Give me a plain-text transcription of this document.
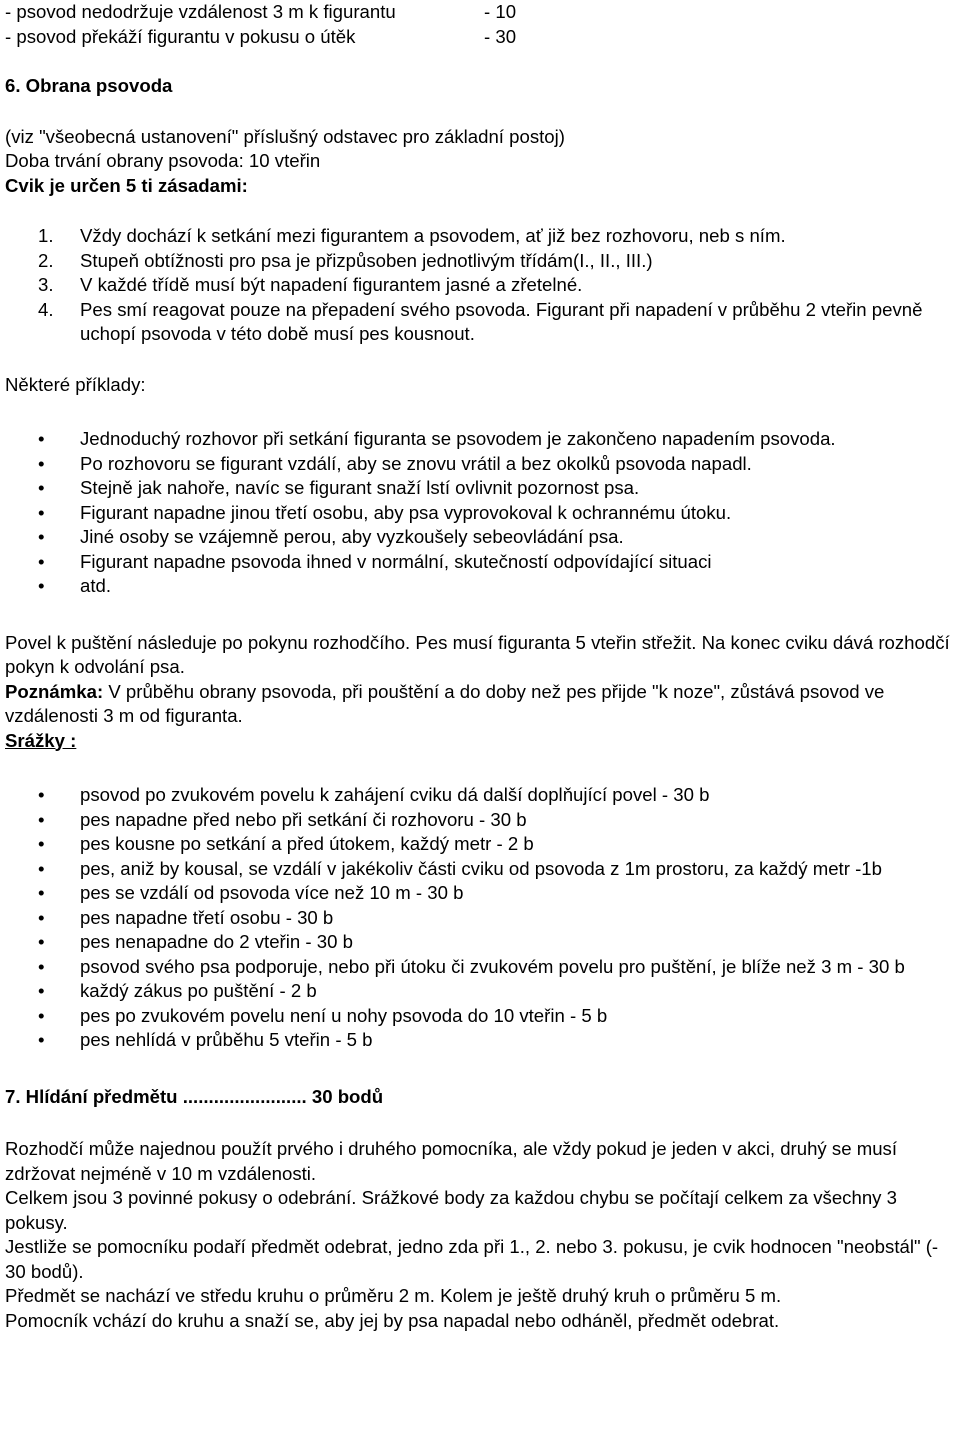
- psovod nedodržuje vzdálenost 3 m k figurantu	- 10
- psovod překáží figurantu v pokusu o útěk	- 30

6. Obrana psovoda

(viz "všeobecná ustanovení" příslušný odstavec pro základní postoj)

Doba trvání obrany psovoda: 10 vteřin

Cvik je určen 5 ti zásadami:

1.	Vždy dochází k setkání mezi figurantem a psovodem, ať již bez rozhovoru, neb s ním.
2.	Stupeň obtížnosti pro psa je přizpůsoben jednotlivým třídám(I., II., III.)
3.	V každé třídě musí být napadení figurantem jasné a zřetelné.
4.	Pes smí reagovat pouze na přepadení svého psovoda. Figurant při napadení v průběhu 2 vteřin pevně uchopí psovoda v této době musí pes kousnout.

Některé příklady:

•	Jednoduchý rozhovor při setkání figuranta se psovodem je zakončeno napadením psovoda.
•	Po rozhovoru se figurant vzdálí, aby se znovu vrátil a bez okolků psovoda napadl.
•	Stejně jak nahoře, navíc se figurant snaží lstí ovlivnit pozornost psa.
•	Figurant napadne jinou třetí osobu, aby psa vyprovokoval k ochrannému útoku.
•	Jiné osoby se vzájemně perou, aby vyzkoušely sebeovládání psa.
•	Figurant napadne psovoda ihned v normální, skutečností odpovídající situaci
•	atd.

Povel k puštění následuje po pokynu rozhodčího. Pes musí figuranta 5 vteřin střežit. Na konec cviku dává rozhodčí pokyn k odvolání psa.

Poznámka: V průběhu obrany psovoda, při pouštění a do doby než pes přijde "k noze", zůstává psovod ve vzdálenosti 3 m od figuranta.

Srážky :

•	psovod po zvukovém povelu k zahájení cviku dá další doplňující povel - 30 b
•	pes napadne před nebo při setkání či rozhovoru - 30 b
•	pes kousne po setkání a před útokem, každý metr - 2 b
•	pes, aniž by kousal, se vzdálí v jakékoliv části cviku od psovoda z 1m prostoru, za každý metr -1b
•	pes se vzdálí od psovoda více než 10 m - 30 b
•	pes napadne třetí osobu - 30 b
•	pes nenapadne do 2 vteřin - 30 b
•	psovod svého psa podporuje, nebo při útoku či zvukovém povelu pro puštění, je blíže než 3 m - 30 b
•	každý zákus po puštění - 2 b
•	pes po zvukovém povelu není u nohy psovoda do 10 vteřin - 5 b
•	pes nehlídá v průběhu 5 vteřin - 5 b

7. Hlídání předmětu ........................ 30 bodů

Rozhodčí může najednou použít prvého i druhého pomocníka, ale vždy pokud je jeden v akci, druhý se musí zdržovat nejméně v 10 m vzdálenosti.

Celkem jsou 3 povinné pokusy o odebrání. Srážkové body za každou chybu se počítají celkem za všechny 3 pokusy.

Jestliže se pomocníku podaří předmět odebrat, jedno zda při 1., 2. nebo 3. pokusu, je cvik hodnocen "neobstál" (- 30 bodů).

Předmět se nachází ve středu kruhu o průměru 2 m. Kolem je ještě druhý kruh o průměru 5 m.

Pomocník vchází do kruhu a snaží se, aby jej by psa napadal nebo odháněl, předmět odebrat.
